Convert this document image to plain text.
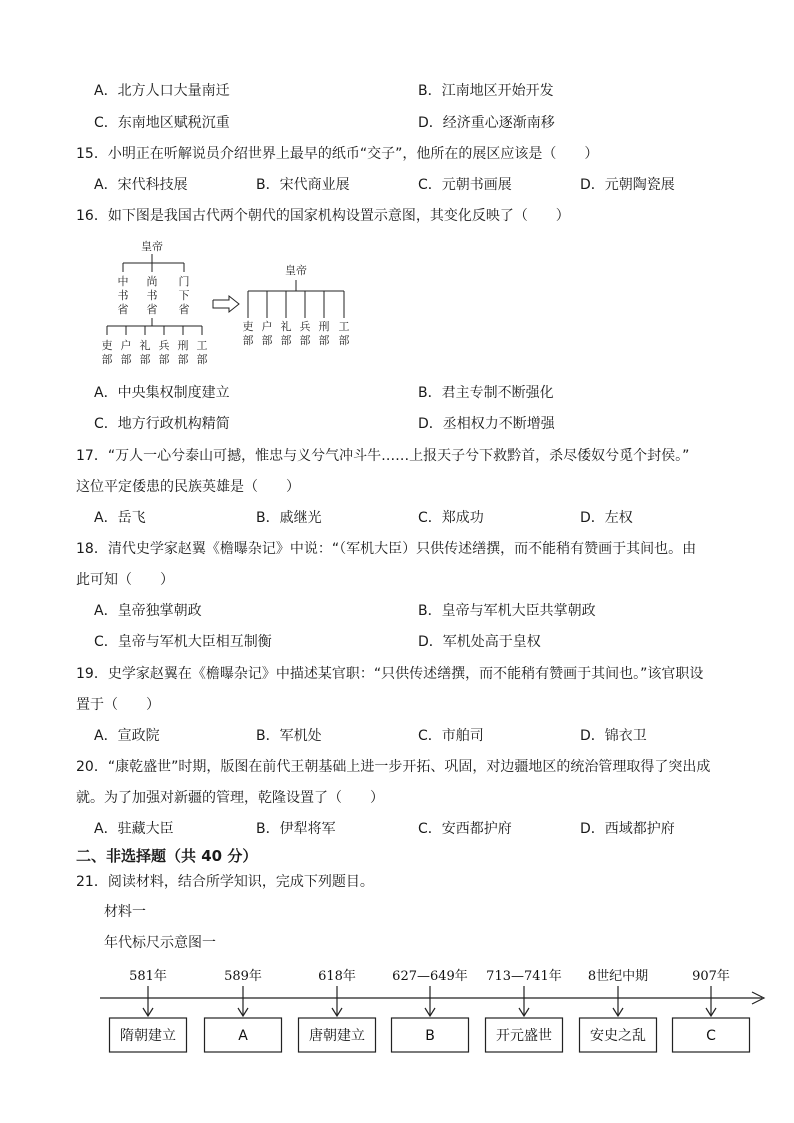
A．北方人口大量南迁	B．江南地区开始开发
C．东南地区赋税沉重	D．经济重心逐渐南移
15．小明正在听解说员介绍世界上最早的纸币“交子”，他所在的展区应该是（　　）
A．宋代科技展	B．宋代商业展	C．元朝书画展	D．元朝陶瓷展
16．如下图是我国古代两个朝代的国家机构设置示意图，其变化反映了（　　）
皇帝
中
书
省
尚
书
省
门
下
省
吏
部
户
部
礼
部
兵
部
刑
部
工
部
皇帝
吏
部
户
部
礼
部
兵
部
刑
部
工
部
A．中央集权制度建立	B．君主专制不断强化
C．地方行政机构精简	D．丞相权力不断增强
17．“万人一心兮泰山可撼，惟忠与义兮气冲斗牛……上报天子兮下救黔首，杀尽倭奴兮觅个封侯。”
这位平定倭患的民族英雄是（　　）
A．岳飞	B．戚继光	C．郑成功	D．左权
18．清代史学家赵翼《檐曝杂记》中说：“（军机大臣）只供传述缮撰，而不能稍有赞画于其间也。由
此可知（　　）
A．皇帝独掌朝政	B．皇帝与军机大臣共掌朝政
C．皇帝与军机大臣相互制衡	D．军机处高于皇权
19．史学家赵翼在《檐曝杂记》中描述某官职：“只供传述缮撰，而不能稍有赞画于其间也。”该官职设
置于（　　）
A．宣政院	B．军机处	C．市舶司	D．锦衣卫
20．“康乾盛世”时期，版图在前代王朝基础上进一步开拓、巩固，对边疆地区的统治管理取得了突出成
就。为了加强对新疆的管理，乾隆设置了（　　）
A．驻藏大臣	B．伊犁将军	C．安西都护府	D．西域都护府
二、非选择题（共 40 分）
21．阅读材料，结合所学知识，完成下列题目。
材料一
年代标尺示意图一
581年
隋朝建立
589年
A
618年
唐朝建立
627—649年
B
713—741年
开元盛世
8世纪中期
安史之乱
907年
C
